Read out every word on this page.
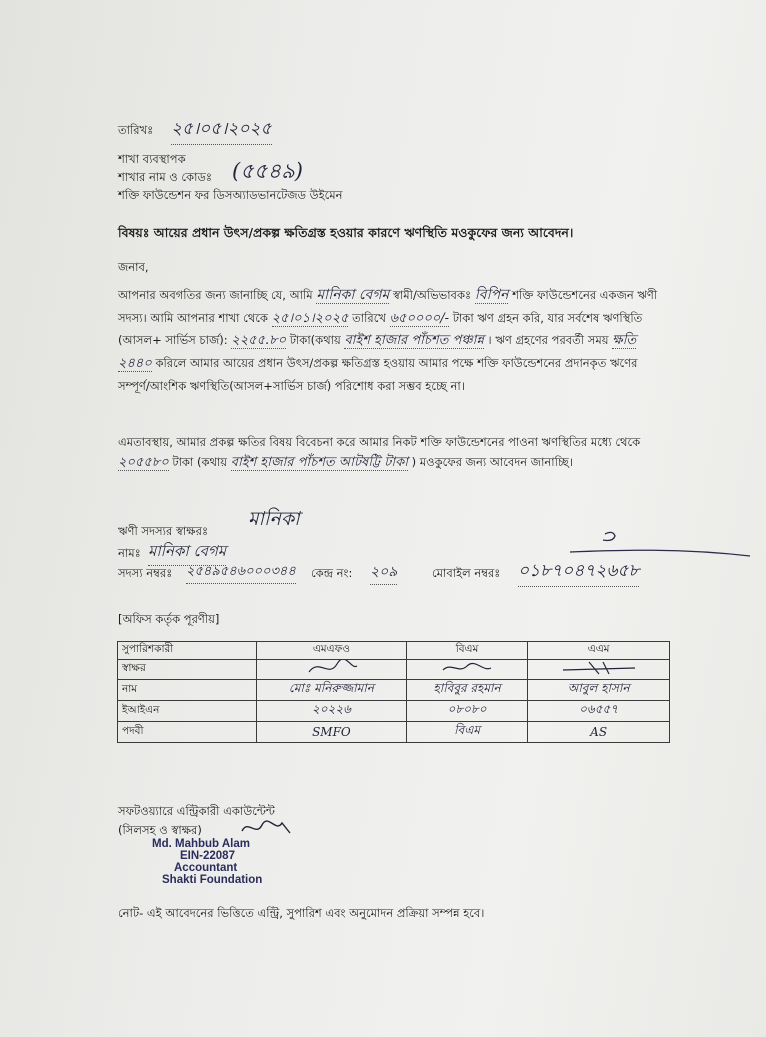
তারিখঃ ২৫।০৫।২০২৫
শাখা ব্যবস্থাপক
শাখার নাম ও কোডঃ (৫৫৪৯)
শক্তি ফাউন্ডেশন ফর ডিসঅ্যাডভানটেজড উইমেন
বিষয়ঃ আয়ের প্রধান উৎস/প্রকল্প ক্ষতিগ্রস্ত হওয়ার কারণে ঋণস্থিতি মওকুফের জন্য আবেদন।
জনাব,
আপনার অবগতির জন্য জানাচ্ছি যে, আমি মানিকা বেগম স্বামী/অভিভাবকঃ বিপিন শক্তি ফাউন্ডেশনের একজন ঋণী সদস্য। আমি আপনার শাখা থেকে ২৫।০১।২০২৫ তারিখে ৬৫০০০০/- টাকা ঋণ গ্রহন করি, যার সর্বশেষ ঋণস্থিতি (আসল+ সার্ভিস চার্জ): ২২৫৫.৮০ টাকা(কথায় বাইশ হাজার পাঁচশত পঞ্চান্ন । ঋণ গ্রহণের পরবর্তী সময় ক্ষতি ২৪৪০ করিলে আমার আয়ের প্রধান উৎস/প্রকল্প ক্ষতিগ্রস্ত হওয়ায় আমার পক্ষে শক্তি ফাউন্ডেশনের প্রদানকৃত ঋণের সম্পূর্ণ/আংশিক ঋণস্থিতি(আসল+সার্ভিস চার্জ) পরিশোধ করা সম্ভব হচ্ছে না।
এমতাবস্থায়, আমার প্রকল্প ক্ষতির বিষয় বিবেচনা করে আমার নিকট শক্তি ফাউন্ডেশনের পাওনা ঋণস্থিতির মধ্যে থেকে ২০৫৫৮০ টাকা (কথায় বাইশ হাজার পাঁচশত আটষট্টি টাকা ) মওকুফের জন্য আবেদন জানাচ্ছি।
ঋণী সদস্যর স্বাক্ষরঃ
মানিকা
নামঃ মানিকা বেগম
সদস্য নম্বরঃ ২৫৪৯৫৪৬০০০৩৪৪ কেন্দ্র নং: ২০৯	মোবাইল নম্বরঃ ০১৮৭০৪৭২৬৫৮
[অফিস কর্তৃক পূরণীয়]
সুপারিশকারী	এমএফও	বিএম	এএম
স্বাক্ষর			
নাম	মোঃ মনিরুজ্জামান	হাবিবুর রহমান	আবুল হাসান
ইআইএন	২০২২৬	০৮০৮০	০৬৫৫৭
পদবী	SMFO	বিএম	AS
সফটওয়্যারে এন্ট্রিকারী একাউন্টেন্ট
(সিলসহ ও স্বাক্ষর)
Md. Mahbub Alam
EIN-22087
Accountant
Shakti Foundation
নোট- এই আবেদনের ভিত্তিতে এন্ট্রি, সুপারিশ এবং অনুমোদন প্রক্রিয়া সম্পন্ন হবে।
